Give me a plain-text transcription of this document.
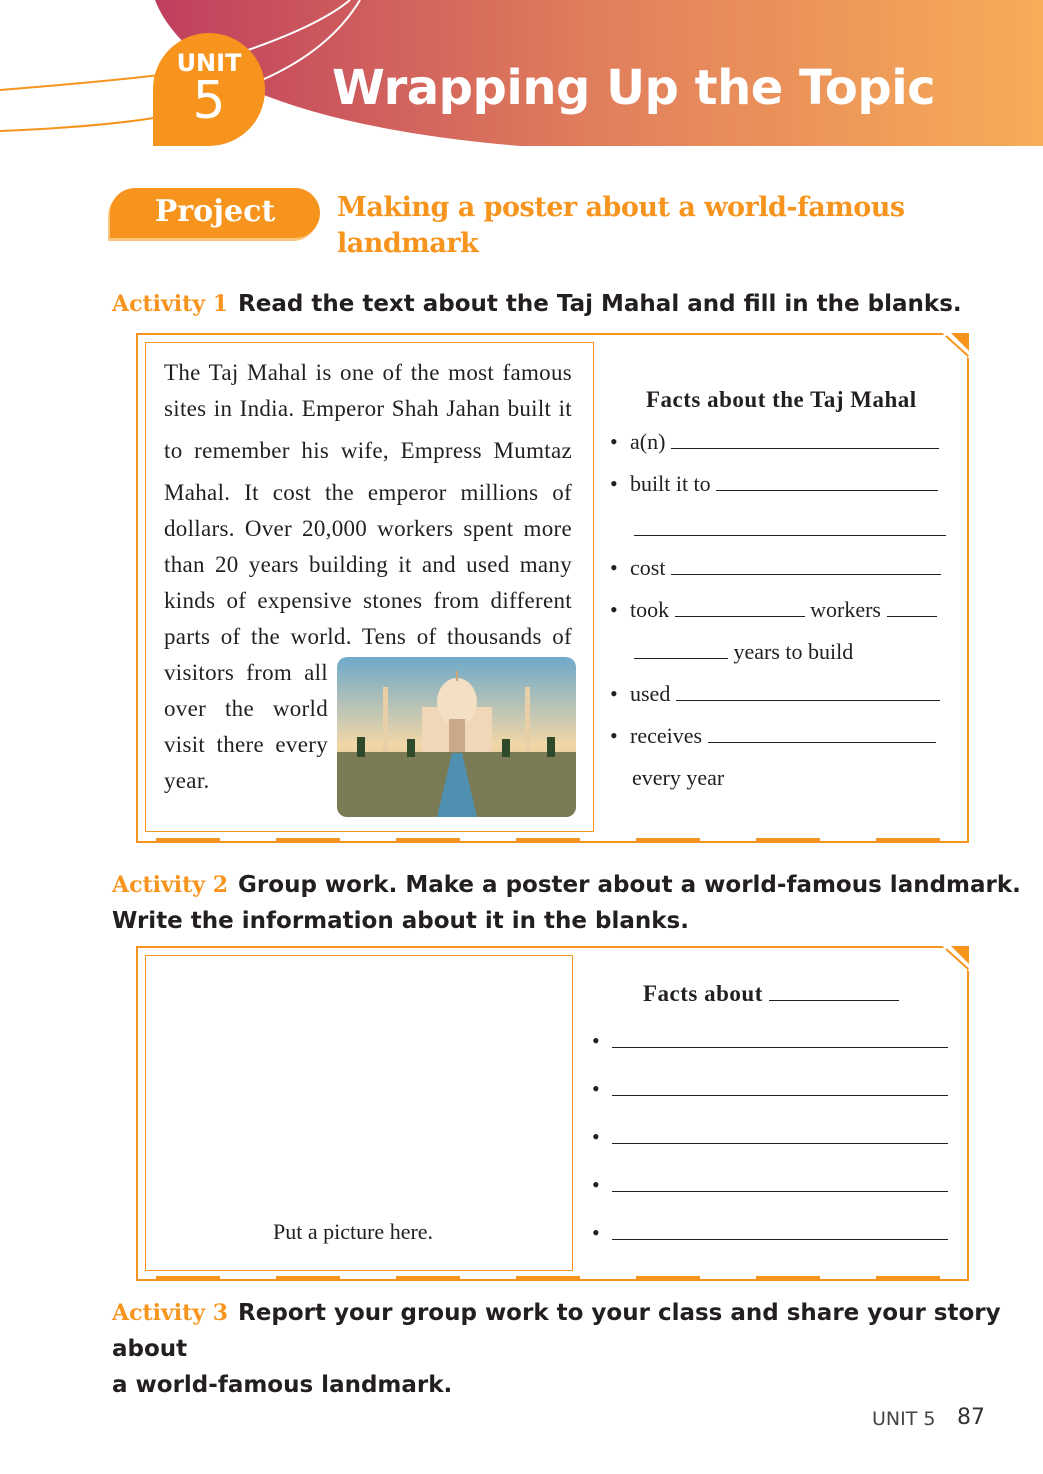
UNIT
5	Wrapping Up the Topic
Project	Making a poster about a world-famous
landmark
Activity 1 Read the text about the Taj Mahal and fill in the blanks.
The Taj Mahal is one of the most famous
sites in India. Emperor Shah Jahan built it
to remember his wife, Empress Mumtaz
Mahal. It cost the emperor millions of
dollars. Over 20,000 workers spent more
than 20 years building it and used many
kinds of expensive stones from different
parts of the world. Tens of thousands of
visitors from all
over the world
visit there every
year.
Facts about the Taj Mahal
• a(n)
• built it to
• cost
• took	workers
years to build
• used
• receives
every year
Activity 2 Group work. Make a poster about a world-famous landmark.
Write the information about it in the blanks.
Put a picture here.
Facts about
•
•
•
•
•
Activity 3 Report your group work to your class and share your story about
a world-famous landmark.
UNIT 5 87
